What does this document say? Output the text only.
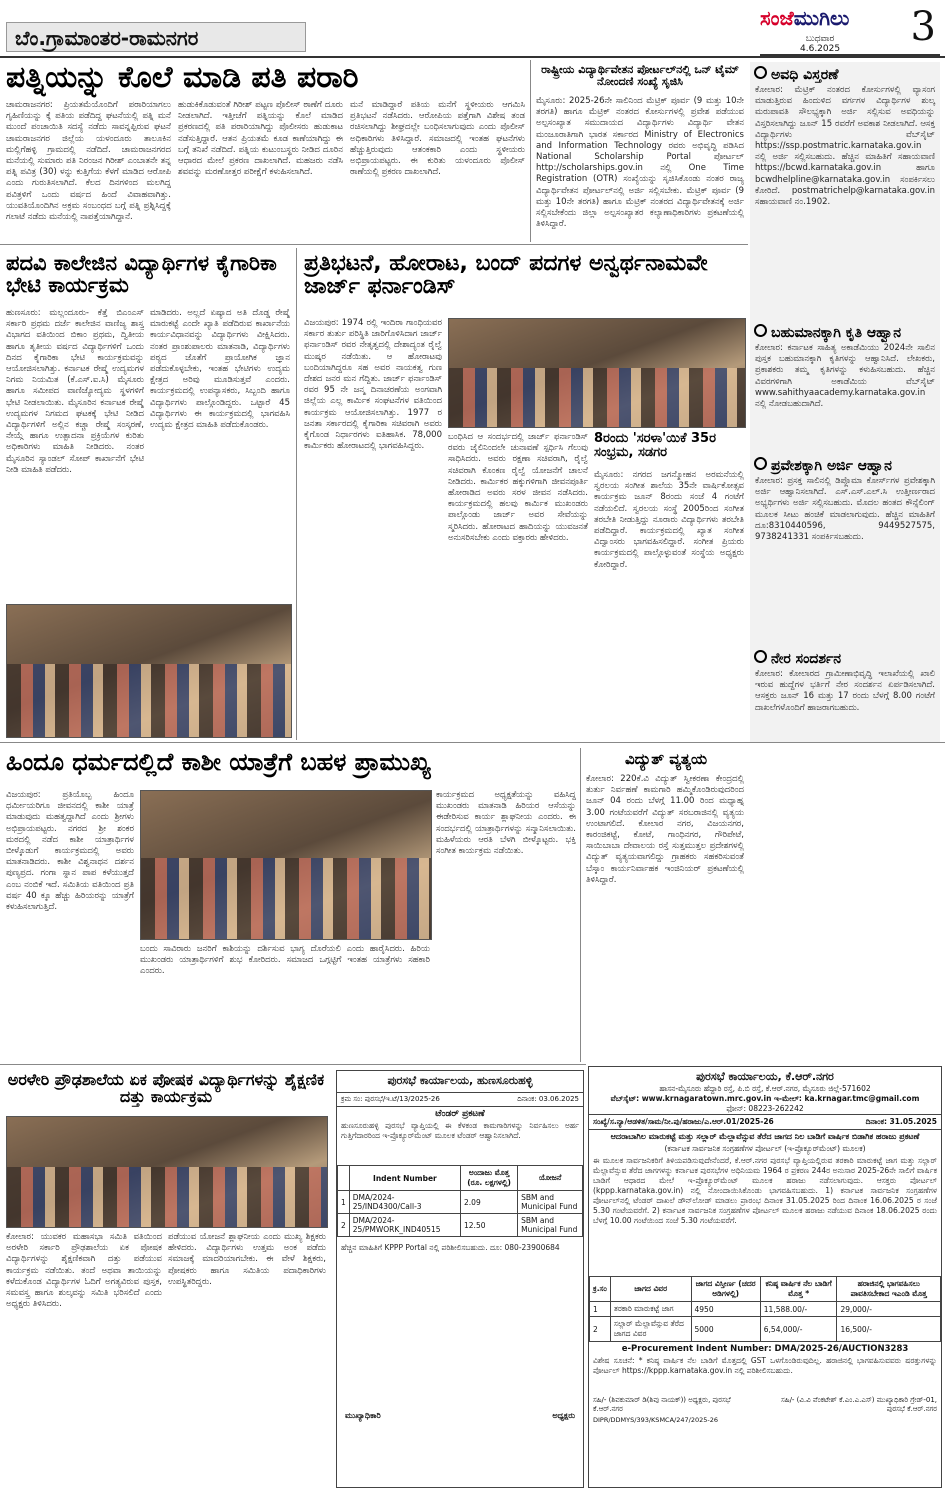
ಬೆಂ.ಗ್ರಾಮಾಂತರ-ರಾಮನಗರ
ಸಂಜೆಮುಗಿಲು
ಬುಧವಾರ
4.6.2025 3
ಪತ್ನಿಯನ್ನು ಕೊಲೆ ಮಾಡಿ ಪತಿ ಪರಾರಿ
ಚಾಮರಾಜನಗರ: ಪ್ರಿಯತಮೆಯೊಂದಿಗೆ ಪರಾರಿಯಾಗಲು ಗೃಹಿಣಿಯನ್ನು ಕ್ಕೆ ಪತಿಯ ಪಡೆದಿದ್ದ ಘಟನೆಯಲ್ಲಿ ಪತ್ನಿ ಮನೆ ಮುಂದೆ ಪಂಚಾಯಿತಿ ಸದಸ್ಯೆ ನಡೆದು ಸಾವನ್ನಪ್ಪಿರುವ ಘಟನೆ ಚಾಮರಾಜನಗರ ಜಿಲ್ಲೆಯ ಯಳಂದೂರು ತಾಲೂಕಿನ ಮಲ್ಲಿಗೆಹಳ್ಳಿ ಗ್ರಾಮದಲ್ಲಿ ನಡೆದಿದೆ. ಚಾಮರಾಜನಗರದ ಮನೆಯಲ್ಲಿ ಸುಮಾರು ಪತಿ ನಿರಂಜನ ಗಿರೀಶ್ ಎಂಬಾತನೇ ತನ್ನ ಪತ್ನಿ ಪವಿತ್ರ (30) ಳನ್ನು ಕುತ್ತಿಗೆಯ ಕೆಳಗೆ ಮಾಡಿದ ಆರೋಪಿ ಎಂದು ಗುರುತಿಸಲಾಗಿದೆ. ಕೆಲದ ದಿನಗಳಿಂದ ಮಲಗಿದ್ದ ಪವಿತ್ರಳಿಗೆ ಒಂದು ವರ್ಷದ ಹಿಂದೆ ವಿವಾಹವಾಗಿತ್ತು. ಯುವತಿಯೊಂದಿಗಿನ ಅಕ್ರಮ ಸಂಬಂಧದ ಬಗ್ಗೆ ಪತ್ನಿ ಪ್ರಶ್ನಿಸಿದ್ದಕ್ಕೆ ಗಲಾಟೆ ನಡೆದು ಮನೆಯಲ್ಲಿ ನಾಪತ್ತೆಯಾಗಿದ್ದಾನೆ.
ಹುಡುಕಿಕೊಡುವಂತೆ ಗಿರೀಶ್ ಪಟ್ಟಣ ಪೊಲೀಸ್ ಠಾಣೆಗೆ ದೂರು ನೀಡಲಾಗಿದೆ. ಇತ್ತೀಚೆಗೆ ಪತ್ನಿಯನ್ನು ಕೊಲೆ ಮಾಡಿದ ಪ್ರಕರಣದಲ್ಲಿ ಪತಿ ಪರಾರಿಯಾಗಿದ್ದು ಪೊಲೀಸರು ಹುಡುಕಾಟ ನಡೆಸುತ್ತಿದ್ದಾರೆ. ಆತನ ಪ್ರಿಯತಮೆ ಕೂಡ ಕಾಣೆಯಾಗಿದ್ದು ಈ ಬಗ್ಗೆ ತನಿಖೆ ನಡೆದಿದೆ. ಪತ್ನಿಯ ಕುಟುಂಬಸ್ಥರು ನೀಡಿದ ದೂರಿನ ಆಧಾರದ ಮೇಲೆ ಪ್ರಕರಣ ದಾಖಲಾಗಿದೆ. ಮಹಜರು ನಡೆಸಿ ಶವವನ್ನು ಮರಣೋತ್ತರ ಪರೀಕ್ಷೆಗೆ ಕಳುಹಿಸಲಾಗಿದೆ.
ಮನೆ ಮಾಡಿದ್ದಾರೆ ಪತಿಯ ಮನೆಗೆ ಸ್ಥಳೀಯರು ಆಗಮಿಸಿ ಪ್ರತಿಭಟನೆ ನಡೆಸಿದರು. ಆರೋಪಿಯ ಪತ್ತೆಗಾಗಿ ವಿಶೇಷ ತಂಡ ರಚಿಸಲಾಗಿದ್ದು ಶೀಘ್ರದಲ್ಲೇ ಬಂಧಿಸಲಾಗುವುದು ಎಂದು ಪೊಲೀಸ್ ಅಧಿಕಾರಿಗಳು ತಿಳಿಸಿದ್ದಾರೆ. ಸಮಾಜದಲ್ಲಿ ಇಂತಹ ಘಟನೆಗಳು ಹೆಚ್ಚುತ್ತಿರುವುದು ಆತಂಕಕಾರಿ ಎಂದು ಸ್ಥಳೀಯರು ಅಭಿಪ್ರಾಯಪಟ್ಟರು. ಈ ಕುರಿತು ಯಳಂದೂರು ಪೊಲೀಸ್ ಠಾಣೆಯಲ್ಲಿ ಪ್ರಕರಣ ದಾಖಲಾಗಿದೆ.
ರಾಷ್ಟ್ರೀಯ ವಿದ್ಯಾರ್ಥಿವೇತನ ಪೋರ್ಟಲ್‌ನಲ್ಲಿ ಒನ್ ಟೈಮ್ ನೋಂದಣಿ ಸಂಖ್ಯೆ ಸೃಜಿಸಿ
ಮೈಸೂರು: 2025-26ನೇ ಸಾಲಿನಿಂದ ಮೆಟ್ರಿಕ್ ಪೂರ್ವ (9 ಮತ್ತು 10ನೇ ತರಗತಿ) ಹಾಗೂ ಮೆಟ್ರಿಕ್ ನಂತರದ ಕೋರ್ಸುಗಳಲ್ಲಿ ಪ್ರವೇಶ ಪಡೆಯುವ ಅಲ್ಪಸಂಖ್ಯಾತ ಸಮುದಾಯದ ವಿದ್ಯಾರ್ಥಿಗಳು ವಿದ್ಯಾರ್ಥಿ ವೇತನ ಮಂಜೂರಾತಿಗಾಗಿ ಭಾರತ ಸರ್ಕಾರದ Ministry of Electronics and Information Technology ರವರು ಅಭಿವೃದ್ಧಿ ಪಡಿಸಿದ National Scholarship Portal ಪೋರ್ಟಲ್ http://scholarships.gov.in ನಲ್ಲಿ One Time Registration (OTR) ಸಂಖ್ಯೆಯನ್ನು ಸೃಜಿಸಿಕೊಂಡು ನಂತರ ರಾಜ್ಯ ವಿದ್ಯಾರ್ಥಿವೇತನ ಪೋರ್ಟಲ್‌ನಲ್ಲಿ ಅರ್ಜಿ ಸಲ್ಲಿಸಬೇಕು. ಮೆಟ್ರಿಕ್ ಪೂರ್ವ (9 ಮತ್ತು 10ನೇ ತರಗತಿ) ಹಾಗೂ ಮೆಟ್ರಿಕ್ ನಂತರದ ವಿದ್ಯಾರ್ಥಿವೇತನಕ್ಕೆ ಅರ್ಜಿ ಸಲ್ಲಿಸಬೇಕೆಂದು ಜಿಲ್ಲಾ ಅಲ್ಪಸಂಖ್ಯಾತರ ಕಲ್ಯಾಣಾಧಿಕಾರಿಗಳು ಪ್ರಕಟಣೆಯಲ್ಲಿ ತಿಳಿಸಿದ್ದಾರೆ.
ಅವಧಿ ವಿಸ್ತರಣೆ
ಕೋಲಾರ: ಮೆಟ್ರಿಕ್ ನಂತರದ ಕೋರ್ಸುಗಳಲ್ಲಿ ವ್ಯಾಸಂಗ ಮಾಡುತ್ತಿರುವ ಹಿಂದುಳಿದ ವರ್ಗಗಳ ವಿದ್ಯಾರ್ಥಿಗಳ ಶುಲ್ಕ ಮರುಪಾವತಿ ಸೌಲಭ್ಯಕ್ಕಾಗಿ ಅರ್ಜಿ ಸಲ್ಲಿಸುವ ಅವಧಿಯನ್ನು ವಿಸ್ತರಿಸಲಾಗಿದ್ದು ಜೂನ್ 15 ರವರೆಗೆ ಅವಕಾಶ ನೀಡಲಾಗಿದೆ. ಆಸಕ್ತ ವಿದ್ಯಾರ್ಥಿಗಳು ವೆಬ್‌ಸೈಟ್ https://ssp.postmatric.karnataka.gov.in ನಲ್ಲಿ ಅರ್ಜಿ ಸಲ್ಲಿಸಬಹುದು. ಹೆಚ್ಚಿನ ಮಾಹಿತಿಗೆ ಸಹಾಯವಾಣಿ https://bcwd.karnataka.gov.in ಹಾಗೂ bcwdhelpline@karnataka.gov.in ಸಂಪರ್ಕಿಸಲು ಕೋರಿದೆ. postmatrichelp@karnataka.gov.in ಸಹಾಯವಾಣಿ ನಂ.1902.
ಬಹುಮಾನಕ್ಕಾಗಿ ಕೃತಿ ಆಹ್ವಾನ
ಕೋಲಾರ: ಕರ್ನಾಟಕ ಸಾಹಿತ್ಯ ಅಕಾಡೆಮಿಯು 2024ನೇ ಸಾಲಿನ ಪುಸ್ತಕ ಬಹುಮಾನಕ್ಕಾಗಿ ಕೃತಿಗಳನ್ನು ಆಹ್ವಾನಿಸಿದೆ. ಲೇಖಕರು, ಪ್ರಕಾಶಕರು ತಮ್ಮ ಕೃತಿಗಳನ್ನು ಕಳುಹಿಸಬಹುದು. ಹೆಚ್ಚಿನ ವಿವರಗಳಿಗಾಗಿ ಅಕಾಡೆಮಿಯ ವೆಬ್‌ಸೈಟ್ www.sahithyaacademy.karnataka.gov.in ನಲ್ಲಿ ನೋಡಬಹುದಾಗಿದೆ.
ಪ್ರವೇಶಕ್ಕಾಗಿ ಅರ್ಜಿ ಆಹ್ವಾನ
ಕೋಲಾರ: ಪ್ರಸಕ್ತ ಸಾಲಿನಲ್ಲಿ ಡಿಪ್ಲೊಮಾ ಕೋರ್ಸ್‌ಗಳ ಪ್ರವೇಶಕ್ಕಾಗಿ ಅರ್ಜಿ ಆಹ್ವಾನಿಸಲಾಗಿದೆ. ಎಸ್.ಎಸ್.ಎಲ್.ಸಿ ಉತ್ತೀರ್ಣರಾದ ಅಭ್ಯರ್ಥಿಗಳು ಅರ್ಜಿ ಸಲ್ಲಿಸಬಹುದು. ಮೊದಲ ಹಂತದ ಕೌನ್ಸೆಲಿಂಗ್ ಮೂಲಕ ಸೀಟು ಹಂಚಿಕೆ ಮಾಡಲಾಗುವುದು. ಹೆಚ್ಚಿನ ಮಾಹಿತಿಗೆ ದೂ:8310440596, 9449527575, 9738241331 ಸಂಪರ್ಕಿಸಬಹುದು.
ನೇರ ಸಂದರ್ಶನ
ಕೋಲಾರ: ಕೋಲಾರದ ಗ್ರಾಮೀಣಾಭಿವೃದ್ಧಿ ಇಲಾಖೆಯಲ್ಲಿ ಖಾಲಿ ಇರುವ ಹುದ್ದೆಗಳ ಭರ್ತಿಗೆ ನೇರ ಸಂದರ್ಶನ ಏರ್ಪಡಿಸಲಾಗಿದೆ. ಆಸಕ್ತರು ಜೂನ್ 16 ಮತ್ತು 17 ರಂದು ಬೆಳಗ್ಗೆ 8.00 ಗಂಟೆಗೆ ದಾಖಲೆಗಳೊಂದಿಗೆ ಹಾಜರಾಗಬಹುದು.
ಪದವಿ ಕಾಲೇಜಿನ ವಿದ್ಯಾರ್ಥಿಗಳ ಕೈಗಾರಿಕಾ ಭೇಟಿ ಕಾರ್ಯಕ್ರಮ
ಹುಣಸೂರು: ಮಲ್ಲಂದೂರು- ಕೆತ್ತೆ ಬಿಎಂಎಸ್ ಸರ್ಕಾರಿ ಪ್ರಥಮ ದರ್ಜೆ ಕಾಲೇಜಿನ ವಾಣಿಜ್ಯ ಶಾಸ್ತ್ರ ವಿಭಾಗದ ವತಿಯಿಂದ ಬಿಕಾಂ ಪ್ರಥಮ, ದ್ವಿತೀಯ ಹಾಗೂ ತೃತೀಯ ವರ್ಷದ ವಿದ್ಯಾರ್ಥಿಗಳಿಗೆ ಒಂದು ದಿನದ ಕೈಗಾರಿಕಾ ಭೇಟಿ ಕಾರ್ಯಕ್ರಮವನ್ನು ಆಯೋಜಿಸಲಾಗಿತ್ತು. ಕರ್ನಾಟಕ ರೇಷ್ಮೆ ಉದ್ಯಮಗಳ ನಿಗಮ ನಿಯಮಿತ (ಕೆ.ಎಸ್.ಐ.ಸಿ) ಮೈಸೂರು ಹಾಗೂ ಸಮೀಪದ ವಾಣಿಜ್ಯೋದ್ಯಮ ಸ್ಥಳಗಳಿಗೆ ಭೇಟಿ ನೀಡಲಾಯಿತು. ಮೈಸೂರಿನ ಕರ್ನಾಟಕ ರೇಷ್ಮೆ ಉದ್ಯಮಗಳ ನಿಗಮದ ಘಟಕಕ್ಕೆ ಭೇಟಿ ನೀಡಿದ ವಿದ್ಯಾರ್ಥಿಗಳಿಗೆ ಅಲ್ಲಿನ ಕಚ್ಚಾ ರೇಷ್ಮೆ ಸಂಸ್ಕರಣೆ, ನೇಯ್ಗೆ ಹಾಗೂ ಉತ್ಪಾದನಾ ಪ್ರಕ್ರಿಯೆಗಳ ಕುರಿತು ಅಧಿಕಾರಿಗಳು ಮಾಹಿತಿ ನೀಡಿದರು. ನಂತರ ಮೈಸೂರಿನ ಸ್ಯಾಂಡಲ್ ಸೋಪ್ ಕಾರ್ಖಾನೆಗೆ ಭೇಟಿ ನೀಡಿ ಮಾಹಿತಿ ಪಡೆದರು.
ಮಾಡಿದರು. ಅಲ್ಲದೆ ಏಷ್ಯಾದ ಅತಿ ದೊಡ್ಡ ರೇಷ್ಮೆ ಮಾರುಕಟ್ಟೆ ಎಂದೇ ಖ್ಯಾತಿ ಪಡೆದಿರುವ ಕಾರ್ಖಾನೆಯ ಕಾರ್ಯವಿಧಾನವನ್ನು ವಿದ್ಯಾರ್ಥಿಗಳು ವೀಕ್ಷಿಸಿದರು. ನಂತರ ಪ್ರಾಂಶುಪಾಲರು ಮಾತನಾಡಿ, ವಿದ್ಯಾರ್ಥಿಗಳು ಪಠ್ಯದ ಜೊತೆಗೆ ಪ್ರಾಯೋಗಿಕ ಜ್ಞಾನ ಪಡೆದುಕೊಳ್ಳಬೇಕು, ಇಂತಹ ಭೇಟಿಗಳು ಉದ್ಯಮ ಕ್ಷೇತ್ರದ ಅರಿವು ಮೂಡಿಸುತ್ತವೆ ಎಂದರು. ಕಾರ್ಯಕ್ರಮದಲ್ಲಿ ಉಪನ್ಯಾಸಕರು, ಸಿಬ್ಬಂದಿ ಹಾಗೂ ವಿದ್ಯಾರ್ಥಿಗಳು ಪಾಲ್ಗೊಂಡಿದ್ದರು. ಒಟ್ಟಾರೆ 45 ವಿದ್ಯಾರ್ಥಿಗಳು ಈ ಕಾರ್ಯಕ್ರಮದಲ್ಲಿ ಭಾಗವಹಿಸಿ ಉದ್ಯಮ ಕ್ಷೇತ್ರದ ಮಾಹಿತಿ ಪಡೆದುಕೊಂಡರು.
ಪ್ರತಿಭಟನೆ, ಹೋರಾಟ, ಬಂದ್ ಪದಗಳ ಅನ್ವರ್ಥನಾಮವೇ ಜಾರ್ಜ್ ಫರ್ನಾಂಡಿಸ್
ವಿಜಯಪುರ: 1974 ರಲ್ಲಿ ಇಂದಿರಾ ಗಾಂಧಿಯವರ ಸರ್ಕಾರ ತುರ್ತು ಪರಿಸ್ಥಿತಿ ಜಾರಿಗೊಳಿಸಿದಾಗ ಜಾರ್ಜ್ ಫರ್ನಾಂಡಿಸ್ ರವರ ನೇತೃತ್ವದಲ್ಲಿ ದೇಶಾದ್ಯಂತ ರೈಲ್ವೆ ಮುಷ್ಕರ ನಡೆಯಿತು. ಆ ಹೋರಾಟವು ಬಂದಿಯಾಗಿದ್ದರೂ ಸಹ ಅವರ ನಾಯಕತ್ವ ಗುಣ ದೇಶದ ಜನರ ಮನ ಗೆದ್ದಿತು. ಜಾರ್ಜ್ ಫರ್ನಾಂಡಿಸ್ ರವರ 95 ನೇ ಜನ್ಮ ದಿನಾಚರಣೆಯ ಅಂಗವಾಗಿ ಜಿಲ್ಲೆಯ ಎಲ್ಲ ಕಾರ್ಮಿಕ ಸಂಘಟನೆಗಳ ವತಿಯಿಂದ ಕಾರ್ಯಕ್ರಮ ಆಯೋಜಿಸಲಾಗಿತ್ತು. 1977 ರ ಜನತಾ ಸರ್ಕಾರದಲ್ಲಿ ಕೈಗಾರಿಕಾ ಸಚಿವರಾಗಿ ಅವರು ಕೈಗೊಂಡ ನಿರ್ಧಾರಗಳು ಐತಿಹಾಸಿಕ. 78,000 ಕಾರ್ಮಿಕರು ಹೋರಾಟದಲ್ಲಿ ಭಾಗವಹಿಸಿದ್ದರು.
ಬಂಧಿಸಿದ ಆ ಸಂದರ್ಭದಲ್ಲಿ ಜಾರ್ಜ್ ಫರ್ನಾಂಡಿಸ್ ರವರು ಜೈಲಿನಿಂದಲೇ ಚುನಾವಣೆ ಸ್ಪರ್ಧಿಸಿ ಗೆಲುವು ಸಾಧಿಸಿದರು. ಅವರು ರಕ್ಷಣಾ ಸಚಿವರಾಗಿ, ರೈಲ್ವೆ ಸಚಿವರಾಗಿ ಕೊಂಕಣ ರೈಲ್ವೆ ಯೋಜನೆಗೆ ಚಾಲನೆ ನೀಡಿದರು. ಕಾರ್ಮಿಕರ ಹಕ್ಕುಗಳಿಗಾಗಿ ಜೀವನಪೂರ್ತಿ ಹೋರಾಡಿದ ಅವರು ಸರಳ ಜೀವನ ನಡೆಸಿದರು. ಕಾರ್ಯಕ್ರಮದಲ್ಲಿ ಹಲವು ಕಾರ್ಮಿಕ ಮುಖಂಡರು ಪಾಲ್ಗೊಂಡು ಜಾರ್ಜ್ ಅವರ ಸೇವೆಯನ್ನು ಸ್ಮರಿಸಿದರು. ಹೋರಾಟದ ಹಾದಿಯನ್ನು ಯುವಜನತೆ ಅನುಸರಿಸಬೇಕು ಎಂದು ವಕ್ತಾರರು ಹೇಳಿದರು.
8ರಂದು 'ಸರಳಾ'ಯಿಕೆ 35ರ ಸಂಭ್ರಮ, ಸಡಗರ
ಮೈಸೂರು: ನಗರದ ಜಗನ್ಮೋಹನ ಅರಮನೆಯಲ್ಲಿ ಸ್ವರಲಯ ಸಂಗೀತ ಶಾಲೆಯ 35ನೇ ವಾರ್ಷಿಕೋತ್ಸವ ಕಾರ್ಯಕ್ರಮ ಜೂನ್ 8ರಂದು ಸಂಜೆ 4 ಗಂಟೆಗೆ ನಡೆಯಲಿದೆ. ಸ್ವರಲಯ ಸಂಸ್ಥೆ 2005ರಿಂದ ಸಂಗೀತ ತರಬೇತಿ ನೀಡುತ್ತಿದ್ದು ನೂರಾರು ವಿದ್ಯಾರ್ಥಿಗಳು ತರಬೇತಿ ಪಡೆದಿದ್ದಾರೆ. ಕಾರ್ಯಕ್ರಮದಲ್ಲಿ ಖ್ಯಾತ ಸಂಗೀತ ವಿದ್ವಾಂಸರು ಭಾಗವಹಿಸಲಿದ್ದಾರೆ. ಸಂಗೀತ ಪ್ರಿಯರು ಕಾರ್ಯಕ್ರಮದಲ್ಲಿ ಪಾಲ್ಗೊಳ್ಳುವಂತೆ ಸಂಸ್ಥೆಯ ಅಧ್ಯಕ್ಷರು ಕೋರಿದ್ದಾರೆ.
ಹಿಂದೂ ಧರ್ಮದಲ್ಲಿದೆ ಕಾಶೀ ಯಾತ್ರೆಗೆ ಬಹಳ ಪ್ರಾಮುಖ್ಯ
ವಿಜಯಪುರ: ಪ್ರತಿಯೊಬ್ಬ ಹಿಂದೂ ಧರ್ಮೀಯರಿಗೂ ಜೀವನದಲ್ಲಿ ಕಾಶೀ ಯಾತ್ರೆ ಮಾಡುವುದು ಮಹತ್ವದ್ದಾಗಿದೆ ಎಂದು ಶ್ರೀಗಳು ಅಭಿಪ್ರಾಯಪಟ್ಟರು. ನಗರದ ಶ್ರೀ ಶಂಕರ ಮಠದಲ್ಲಿ ನಡೆದ ಕಾಶೀ ಯಾತ್ರಾರ್ಥಿಗಳ ಬೀಳ್ಕೊಡುಗೆ ಕಾರ್ಯಕ್ರಮದಲ್ಲಿ ಅವರು ಮಾತನಾಡಿದರು. ಕಾಶೀ ವಿಶ್ವನಾಥನ ದರ್ಶನ ಪುಣ್ಯಪ್ರದ. ಗಂಗಾ ಸ್ನಾನ ಪಾಪ ಕಳೆಯುತ್ತದೆ ಎಂಬ ನಂಬಿಕೆ ಇದೆ. ಸಮಿತಿಯ ವತಿಯಿಂದ ಪ್ರತಿ ವರ್ಷ 40 ಕ್ಕೂ ಹೆಚ್ಚು ಹಿರಿಯರನ್ನು ಯಾತ್ರೆಗೆ ಕಳುಹಿಸಲಾಗುತ್ತಿದೆ.
ಬಂದು ಸಾವಿರಾರು ಜನರಿಗೆ ಕಾಶಿಯನ್ನು ದರ್ಶಿಸುವ ಭಾಗ್ಯ ದೊರೆಯಲಿ ಎಂದು ಹಾರೈಸಿದರು. ಹಿರಿಯ ಮುಖಂಡರು ಯಾತ್ರಾರ್ಥಿಗಳಿಗೆ ಶುಭ ಕೋರಿದರು. ಸಮಾಜದ ಒಗ್ಗಟ್ಟಿಗೆ ಇಂತಹ ಯಾತ್ರೆಗಳು ಸಹಕಾರಿ ಎಂದರು.
ಕಾರ್ಯಕ್ರಮದ ಅಧ್ಯಕ್ಷತೆಯನ್ನು ವಹಿಸಿದ್ದ ಮುಖಂಡರು ಮಾತನಾಡಿ ಹಿರಿಯರ ಆಸೆಯನ್ನು ಈಡೇರಿಸುವ ಕಾರ್ಯ ಶ್ಲಾಘನೀಯ ಎಂದರು. ಈ ಸಂದರ್ಭದಲ್ಲಿ ಯಾತ್ರಾರ್ಥಿಗಳನ್ನು ಸನ್ಮಾನಿಸಲಾಯಿತು. ಮಹಿಳೆಯರು ಆರತಿ ಬೆಳಗಿ ಬೀಳ್ಕೊಟ್ಟರು. ಭಕ್ತಿ ಸಂಗೀತ ಕಾರ್ಯಕ್ರಮ ನಡೆಯಿತು.
ವಿದ್ಯುತ್ ವ್ಯತ್ಯಯ
ಕೋಲಾರ: 220ಕೆ.ವಿ ವಿದ್ಯುತ್ ಸ್ವೀಕರಣಾ ಕೇಂದ್ರದಲ್ಲಿ ತುರ್ತು ನಿರ್ವಹಣೆ ಕಾಮಗಾರಿ ಹಮ್ಮಿಕೊಂಡಿರುವುದರಿಂದ ಜೂನ್ 04 ರಂದು ಬೆಳಗ್ಗೆ 11.00 ರಿಂದ ಮಧ್ಯಾಹ್ನ 3.00 ಗಂಟೆಯವರೆಗೆ ವಿದ್ಯುತ್ ಸರಬರಾಜಿನಲ್ಲಿ ವ್ಯತ್ಯಯ ಉಂಟಾಗಲಿದೆ. ಕೋಲಾರ ನಗರ, ವಿಜಯನಗರ, ಕಾರಂಜಿಕಟ್ಟೆ, ಕೋಟೆ, ಗಾಂಧಿನಗರ, ಗೌರಿಪೇಟೆ, ಸಾಯಿಬಾಬಾ ದೇವಾಲಯ ರಸ್ತೆ ಸುತ್ತಮುತ್ತಲ ಪ್ರದೇಶಗಳಲ್ಲಿ ವಿದ್ಯುತ್ ವ್ಯತ್ಯಯವಾಗಲಿದ್ದು ಗ್ರಾಹಕರು ಸಹಕರಿಸುವಂತೆ ಬೆಸ್ಕಾಂ ಕಾರ್ಯನಿರ್ವಾಹಕ ಇಂಜಿನಿಯರ್ ಪ್ರಕಟಣೆಯಲ್ಲಿ ತಿಳಿಸಿದ್ದಾರೆ.
ಪುರಸಭೆ ಕಾರ್ಯಾಲಯ, ಕೆ.ಆರ್.ನಗರ
ಹಾಸನ-ಮೈಸೂರು ಹೆದ್ದಾರಿ ರಸ್ತೆ, ಪಿ.ಬಿ ರಸ್ತೆ, ಕೆ.ಆರ್.ನಗರ, ಮೈಸೂರು ಜಿಲ್ಲೆ-571602
ವೆಬ್‌ಸೈಟ್: www.krnagaratown.mrc.gov.in ಇ-ಮೇಲ್: ka.krnagar.tmc@gmail.com
ಫೋನ್: 08223-262242
ಸಂಖ್ಯೆ/ಸ.ನ್ಯಾ/ಆಡಳಿತ/ಸಾಮ/ನೀ.ಪು/ಹರಾಜು/ಎ.ಆರ್.01/2025-26	ದಿನಾಂಕ: 31.05.2025
ಆದರಾಬಾಗಿಲ ಮಾರುಕಟ್ಟೆ ಮತ್ತು ಸಲ್ಲಾರ್ ಮೆಲ್ಲಾವೆನ್ಸುವ ತೆರೆದ ಜಾಗದ ನಿಲ ಬಾಡಿಗೆ ವಾರ್ಷಿಕ ಬಿಡಾಗಿಕ ಹರಾಜು ಪ್ರಕಟಣೆ
(ಕರ್ನಾಟಕ ಸಾರ್ವಜನಿಕ ಸಂಗ್ರಹಣೆಗಳ ಪೋರ್ಟಲ್ (ಇ-ಪ್ರೊಕ್ಯೂರ್‌ಮೆಂಟ್) ಮೂಲಕ)
ಈ ಮೂಲಕ ಸಾರ್ವಜನಿಕರಿಗೆ ತಿಳಿಯಪಡಿಸುವುದೇನೆಂದರೆ, ಕೆ.ಆರ್.ನಗರ ಪುರಸಭೆ ವ್ಯಾಪ್ತಿಯಲ್ಲಿರುವ ತರಕಾರಿ ಮಾರುಕಟ್ಟೆ ಜಾಗ ಮತ್ತು ಸಲ್ಲಾರ್ ಮೆಲ್ಲಾವೆನ್ಸುವ ತೆರೆದ ಜಾಗಗಳನ್ನು ಕರ್ನಾಟಕ ಪುರಸಭೆಗಳ ಅಧಿನಿಯಮ 1964 ರ ಪ್ರಕರಣ 244ರ ಅನುಸಾರ 2025-26ನೇ ಸಾಲಿಗೆ ವಾರ್ಷಿಕ ಬಾಡಿಗೆ ಆಧಾರದ ಮೇಲೆ ಇ-ಪ್ರೊಕ್ಯೂರ್‌ಮೆಂಟ್ ಮೂಲಕ ಹರಾಜು ನಡೆಸಲಾಗುವುದು. ಆಸಕ್ತರು ಪೋರ್ಟಲ್ (kppp.karnataka.gov.in) ನಲ್ಲಿ ನೋಂದಾಯಿಸಿಕೊಂಡು ಭಾಗವಹಿಸಬಹುದು. 1) ಕರ್ನಾಟಕ ಸಾರ್ವಜನಿಕ ಸಂಗ್ರಹಣೆಗಳ ಪೋರ್ಟಲ್‌ನಲ್ಲಿ ಟೆಂಡರ್ ದಾಖಲೆ ಡೌನ್‌ಲೋಡ್ ಮಾಡಲು ಪ್ರಾರಂಭ ದಿನಾಂಕ 31.05.2025 ರಿಂದ ದಿನಾಂಕ 16.06.2025 ರ ಸಂಜೆ 5.30 ಗಂಟೆಯವರೆಗೆ. 2) ಕರ್ನಾಟಕ ಸಾರ್ವಜನಿಕ ಸಂಗ್ರಹಣೆಗಳ ಪೋರ್ಟಲ್ ಮೂಲಕ ಹರಾಜು ನಡೆಯುವ ದಿನಾಂಕ 18.06.2025 ರಂದು ಬೆಳಗ್ಗೆ 10.00 ಗಂಟೆಯಿಂದ ಸಂಜೆ 5.30 ಗಂಟೆಯವರೆಗೆ.
ಕ್ರ.ಸಂ	ಜಾಗದ ವಿವರ	ಜಾಗದ ವಿಸ್ತೀರ್ಣ (ಚದರ ಅಡಿಗಳಲ್ಲಿ)	ಕನಿಷ್ಠ ವಾರ್ಷಿಕ ನೆಲ ಬಾಡಿಗೆ ಮೊತ್ತ *	ಹರಾಜಿನಲ್ಲಿ ಭಾಗವಹಿಸಲು ಪಾವತಿಸಬೇಕಾದ ಇಎಂಡಿ ಮೊತ್ತ
1	ತರಕಾರಿ ಮಾರುಕಟ್ಟೆ ಜಾಗ	4950	11,588.00/-	29,000/-
2	ಸಲ್ಲಾರ್ ಮೆಲ್ಲಾವೆನ್ಸುವ ತೆರೆದ ಜಾಗದ ವಿವರ	5000	6,54,000/-	16,500/-
e-Procurement Indent Number: DMA/2025-26/AUCTION3283
ವಿಶೇಷ ಸೂಚನೆ: * ಕನಿಷ್ಠ ವಾರ್ಷಿಕ ನೆಲ ಬಾಡಿಗೆ ಮೊತ್ತದಲ್ಲಿ GST ಒಳಗೊಂಡಿರುವುದಿಲ್ಲ. ಹರಾಜಿನಲ್ಲಿ ಭಾಗವಹಿಸುವವರು ಷರತ್ತುಗಳನ್ನು ಪೋರ್ಟಲ್ https://kppp.karnataka.gov.in ನಲ್ಲಿ ಪರಿಶೀಲಿಸಬಹುದು.
ಸಹಿ/- (ಶಿವಕುಮಾರ್ ಡಿ(ಶಿವು ನಾಯಕ್)) ಅಧ್ಯಕ್ಷರು, ಪುರಸಭೆ ಕೆ.ಆರ್.ನಗರ
ಸಹಿ/- (ವಿ.ವಿ ವೆಂಕಟೇಶ್ ಕೆ.ಎಂ.ಎ.ಎಸ್) ಮುಖ್ಯಾಧಿಕಾರಿ ಗ್ರೇಡ್-01, ಪುರಸಭೆ ಕೆ.ಆರ್.ನಗರ
DIPR/DDMYS/393/KSMCA/247/2025-26
ಅರಳೇರಿ ಪ್ರೌಢಶಾಲೆಯ ಏಕ ಪೋಷಕ ವಿದ್ಯಾರ್ಥಿಗಳನ್ನು ಶೈಕ್ಷಣಿಕ ದತ್ತು ಕಾರ್ಯಕ್ರಮ
ಕೋಲಾರ: ಯುವಕರ ಮಹಾಸಭಾ ಸಮಿತಿ ವತಿಯಿಂದ ಅರಳೇರಿ ಸರ್ಕಾರಿ ಪ್ರೌಢಶಾಲೆಯ ಏಕ ಪೋಷಕ ವಿದ್ಯಾರ್ಥಿಗಳನ್ನು ಶೈಕ್ಷಣಿಕವಾಗಿ ದತ್ತು ಪಡೆಯುವ ಕಾರ್ಯಕ್ರಮ ನಡೆಯಿತು. ತಂದೆ ಅಥವಾ ತಾಯಿಯನ್ನು ಕಳೆದುಕೊಂಡ ವಿದ್ಯಾರ್ಥಿಗಳ ಓದಿಗೆ ಅಗತ್ಯವಿರುವ ಪುಸ್ತಕ, ಸಮವಸ್ತ್ರ ಹಾಗೂ ಶುಲ್ಕವನ್ನು ಸಮಿತಿ ಭರಿಸಲಿದೆ ಎಂದು ಅಧ್ಯಕ್ಷರು ತಿಳಿಸಿದರು.
ಪಡೆಯುವ ಯೋಜನೆ ಶ್ಲಾಘನೀಯ ಎಂದು ಮುಖ್ಯ ಶಿಕ್ಷಕರು ಹೇಳಿದರು. ವಿದ್ಯಾರ್ಥಿಗಳು ಉತ್ತಮ ಅಂಕ ಪಡೆದು ಸಮಾಜಕ್ಕೆ ಮಾದರಿಯಾಗಬೇಕು. ಈ ವೇಳೆ ಶಿಕ್ಷಕರು, ಪೋಷಕರು ಹಾಗೂ ಸಮಿತಿಯ ಪದಾಧಿಕಾರಿಗಳು ಉಪಸ್ಥಿತರಿದ್ದರು.
ಪುರಸಭೆ ಕಾರ್ಯಾಲಯ, ಹುಣಸೂರುಹಳ್ಳಿ
ಕ್ರಮ ಸಂ: ಪುರಸಭೆ/ಇ.ಟೆ/13/2025-26	ದಿನಾಂಕ: 03.06.2025
ಟೆಂಡರ್ ಪ್ರಕಟಣೆ
ಹುಣಸೂರುಹಳ್ಳಿ ಪುರಸಭೆ ವ್ಯಾಪ್ತಿಯಲ್ಲಿ ಈ ಕೆಳಕಂಡ ಕಾಮಗಾರಿಗಳನ್ನು ನಿರ್ವಹಿಸಲು ಅರ್ಹ ಗುತ್ತಿಗೆದಾರರಿಂದ ಇ-ಪ್ರೊಕ್ಯೂರ್‌ಮೆಂಟ್ ಮೂಲಕ ಟೆಂಡರ್ ಆಹ್ವಾನಿಸಲಾಗಿದೆ.
	Indent Number	ಅಂದಾಜು ಮೊತ್ತ (ರೂ. ಲಕ್ಷಗಳಲ್ಲಿ)	ಯೋಜನೆ
1	DMA/2024-25/IND4300/Call-3	2.09	SBM and Municipal Fund
2	DMA/2024-25/PMWORK_IND40515	12.50	SBM and Municipal Fund
ಹೆಚ್ಚಿನ ಮಾಹಿತಿಗೆ KPPP Portal ನಲ್ಲಿ ಪರಿಶೀಲಿಸಬಹುದು. ದೂ: 080-23900684
ಮುಖ್ಯಾಧಿಕಾರಿ	ಅಧ್ಯಕ್ಷರು
